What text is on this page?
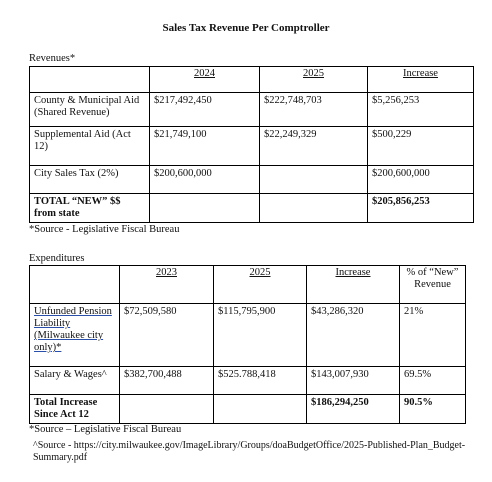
Sales Tax Revenue Per Comptroller
Revenues*
	2024	2025	Increase
County & Municipal Aid (Shared Revenue)	$217,492,450	$222,748,703	$5,256,253
Supplemental Aid (Act 12)	$21,749,100	$22,249,329	$500,229
City Sales Tax (2%)	$200,600,000		$200,600,000
TOTAL “NEW” $$ from state			$205,856,253
*Source - Legislative Fiscal Bureau
Expenditures
	2023	2025	Increase	% of “New” Revenue
Unfunded Pension Liability (Milwaukee city only)*	$72,509,580	$115,795,900	$43,286,320	21%
Salary & Wages^	$382,700,488	$525.788,418	$143,007,930	69.5%
Total Increase Since Act 12			$186,294,250	90.5%
*Source – Legislative Fiscal Bureau
^Source - https://city.milwaukee.gov/ImageLibrary/Groups/doaBudgetOffice/2025-Published-Plan_Budget-Summary.pdf
